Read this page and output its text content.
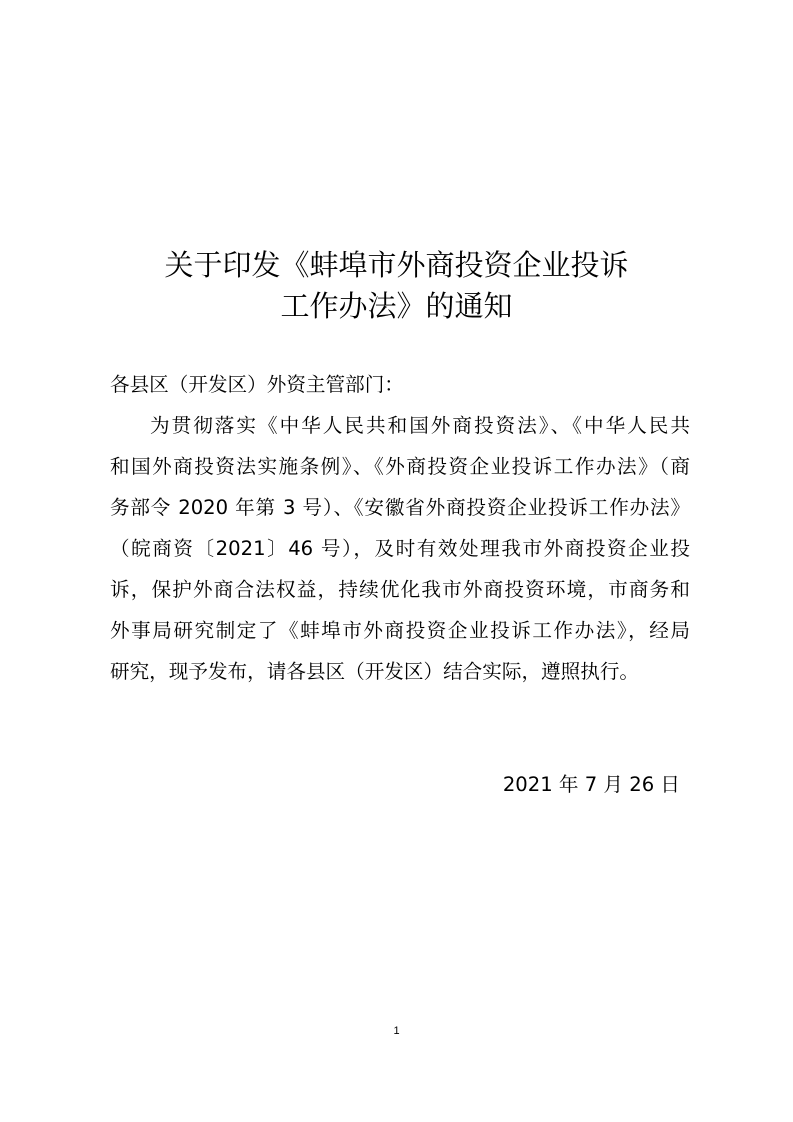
关于印发《蚌埠市外商投资企业投诉
工作办法》的通知
各县区（开发区）外资主管部门：
为贯彻落实《中华人民共和国外商投资法》、《中华人民共
和国外商投资法实施条例》、《外商投资企业投诉工作办法》（商
务部令 2020 年第 3 号）、《安徽省外商投资企业投诉工作办法》
（皖商资〔2021〕46 号），及时有效处理我市外商投资企业投
诉，保护外商合法权益，持续优化我市外商投资环境，市商务和
外事局研究制定了《蚌埠市外商投资企业投诉工作办法》，经局
研究，现予发布，请各县区（开发区）结合实际，遵照执行。
2021 年 7 月 26 日
1
